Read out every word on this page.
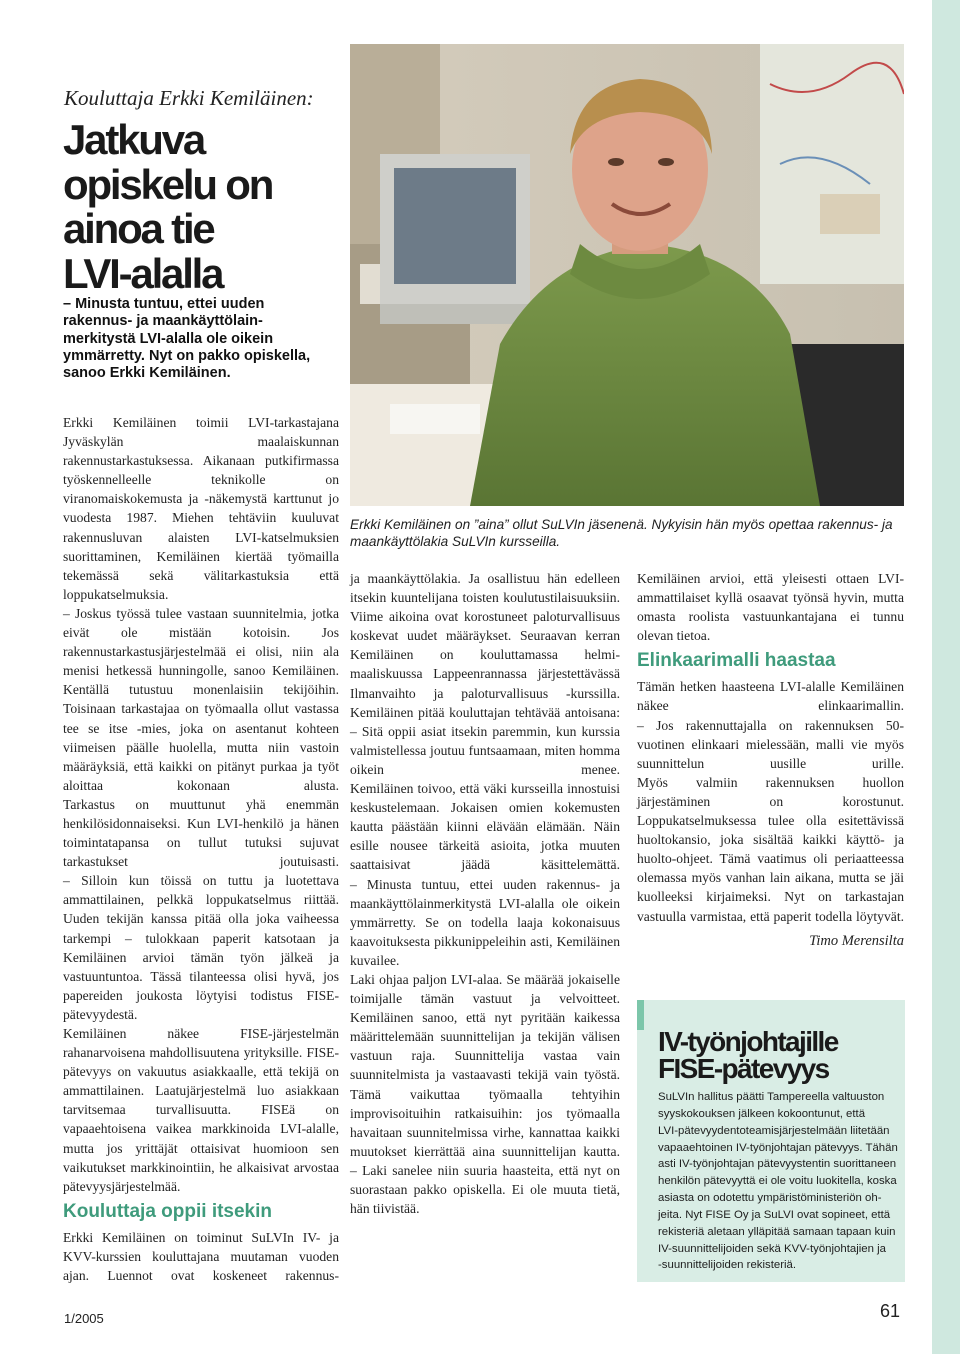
Kouluttaja Erkki Kemiläinen:
Jatkuva
opiskelu on
ainoa tie
LVI-alalla
– Minusta tuntuu, ettei uuden
rakennus- ja maankäyttölain-
merkitystä LVI-alalla ole oikein
ymmärretty. Nyt on pakko opiskella,
sanoo Erkki Kemiläinen.

Erkki Kemiläinen toimii LVI-tarkastajana Jyväskylän maalaiskunnan rakennustarkastuksessa. Aikanaan putkifirmassa työskennelleelle teknikolle on viranomaiskokemusta ja -näkemystä karttunut jo vuodesta 1987. Miehen tehtäviin kuuluvat rakennusluvan alaisten LVI-katselmuksien suorittaminen, Kemiläinen kiertää työmailla tekemässä sekä välitarkastuksia että loppukatselmuksia.

– Joskus työssä tulee vastaan suunnitelmia, jotka eivät ole mistään kotoisin. Jos rakennustarkastusjärjestelmää ei olisi, niin ala menisi hetkessä hunningolle, sanoo Kemiläinen.

Kentällä tutustuu monenlaisiin tekijöihin. Toisinaan tarkastajaa on työmaalla ollut vastassa tee se itse -mies, joka on asentanut kohteen viimeisen päälle huolella, mutta niin vastoin määräyksiä, että kaikki on pitänyt purkaa ja työt aloittaa kokonaan alusta.

Tarkastus on muuttunut yhä enemmän henkilösidonnaiseksi. Kun LVI-henkilö ja hänen toimintatapansa on tullut tutuksi sujuvat tarkastukset joutuisasti.

– Silloin kun töissä on tuttu ja luotettava ammattilainen, pelkkä loppukatselmus riittää.

Uuden tekijän kanssa pitää olla joka vaiheessa tarkempi – tulokkaan paperit katsotaan ja Kemiläinen arvioi tämän työn jälkeä ja vastuuntuntoa. Tässä tilanteessa olisi hyvä, jos papereiden joukosta löytyisi todistus FISE-pätevyydestä.

Kemiläinen näkee FISE-järjestelmän rahanarvoisena mahdollisuutena yrityksille. FISE-pätevyys on vakuutus asiakkaalle, että tekijä on ammattilainen. Laatujärjestelmä luo asiakkaan tarvitsemaa turvallisuutta. FISEä on vapaaehtoisena vaikea markkinoida LVI-alalle, mutta jos yrittäjät ottaisivat huomioon sen vaikutukset markkinointiin, he alkaisivat arvostaa pätevyysjärjestelmää.

Kouluttaja oppii itsekin

Erkki Kemiläinen on toiminut SuLVIn IV- ja KVV-kurssien kouluttajana muutaman vuoden ajan. Luennot ovat koskeneet rakennus-

Erkki Kemiläinen on ”aina” ollut SuLVIn jäsenenä. Nykyisin hän myös opettaa rakennus- ja
maankäyttölakia SuLVIn kursseilla.

ja maankäyttölakia. Ja osallistuu hän edelleen itsekin kuuntelijana toisten koulutustilaisuuksiin. Viime aikoina ovat korostuneet paloturvallisuus koskevat uudet määräykset. Seuraavan kerran Kemiläinen on kouluttamassa helmi-maaliskuussa Lappeenrannassa järjestettävässä Ilmanvaihto ja paloturvallisuus -kurssilla.

Kemiläinen pitää kouluttajan tehtävää antoisana:

– Sitä oppii asiat itsekin paremmin, kun kurssia valmistellessa joutuu funtsaamaan, miten homma oikein menee.

Kemiläinen toivoo, että väki kursseilla innostuisi keskustelemaan. Jokaisen omien kokemusten kautta päästään kiinni elävään elämään. Näin esille nousee tärkeitä asioita, jotka muuten saattaisivat jäädä käsittelemättä.

– Minusta tuntuu, ettei uuden rakennus- ja maankäyttölainmerkitystä LVI-alalla ole oikein ymmärretty. Se on todella laaja kokonaisuus kaavoituksesta pikkunippeleihin asti, Kemiläinen kuvailee.

Laki ohjaa paljon LVI-alaa. Se määrää jokaiselle toimijalle tämän vastuut ja velvoitteet. Kemiläinen sanoo, että nyt pyritään kaikessa määrittelemään suunnittelijan ja tekijän välisen vastuun raja. Suunnittelija vastaa vain suunnitelmista ja vastaavasti tekijä vain työstä. Tämä vaikuttaa työmaalla tehtyihin improvisoituihin ratkaisuihin: jos työmaalla havaitaan suunnitelmissa virhe, kannattaa kaikki muutokset kierrättää aina suunnittelijan kautta.

– Laki sanelee niin suuria haasteita, että nyt on suorastaan pakko opiskella. Ei ole muuta tietä, hän tiivistää.

Kemiläinen arvioi, että yleisesti ottaen LVI-ammattilaiset kyllä osaavat työnsä hyvin, mutta omasta roolista vastuunkantajana ei tunnu olevan tietoa.

Elinkaarimalli haastaa

Tämän hetken haasteena LVI-alalle Kemiläinen näkee elinkaarimallin.

– Jos rakennuttajalla on rakennuksen 50-vuotinen elinkaari mielessään, malli vie myös suunnittelun uusille urille.

Myös valmiin rakennuksen huollon järjestäminen on korostunut. Loppukatselmuksessa tulee olla esitettävissä huoltokansio, joka sisältää kaikki käyttö- ja huolto-ohjeet. Tämä vaatimus oli periaatteessa olemassa myös vanhan lain aikana, mutta se jäi kuolleeksi kirjaimeksi. Nyt on tarkastajan vastuulla varmistaa, että paperit todella löytyvät.

Timo Merensilta

IV-työnjohtajille
FISE-pätevyys
SuLVIn hallitus päätti Tampereella valtuuston
syyskokouksen jälkeen kokoontunut, että
LVI-pätevyydentoteamisjärjestelmään liitetään
vapaaehtoinen IV-työnjohtajan pätevyys. Tähän
asti IV-työnjohtajan pätevyystentin suorittaneen
henkilön pätevyyttä ei ole voitu luokitella, koska
asiasta on odotettu ympäristöministeriön oh-
jeita. Nyt FISE Oy ja SuLVI ovat sopineet, että
rekisteriä aletaan ylläpitää samaan tapaan kuin
IV-suunnittelijoiden sekä KVV-työnjohtajien ja
-suunnittelijoiden rekisteriä.
1/2005	61
